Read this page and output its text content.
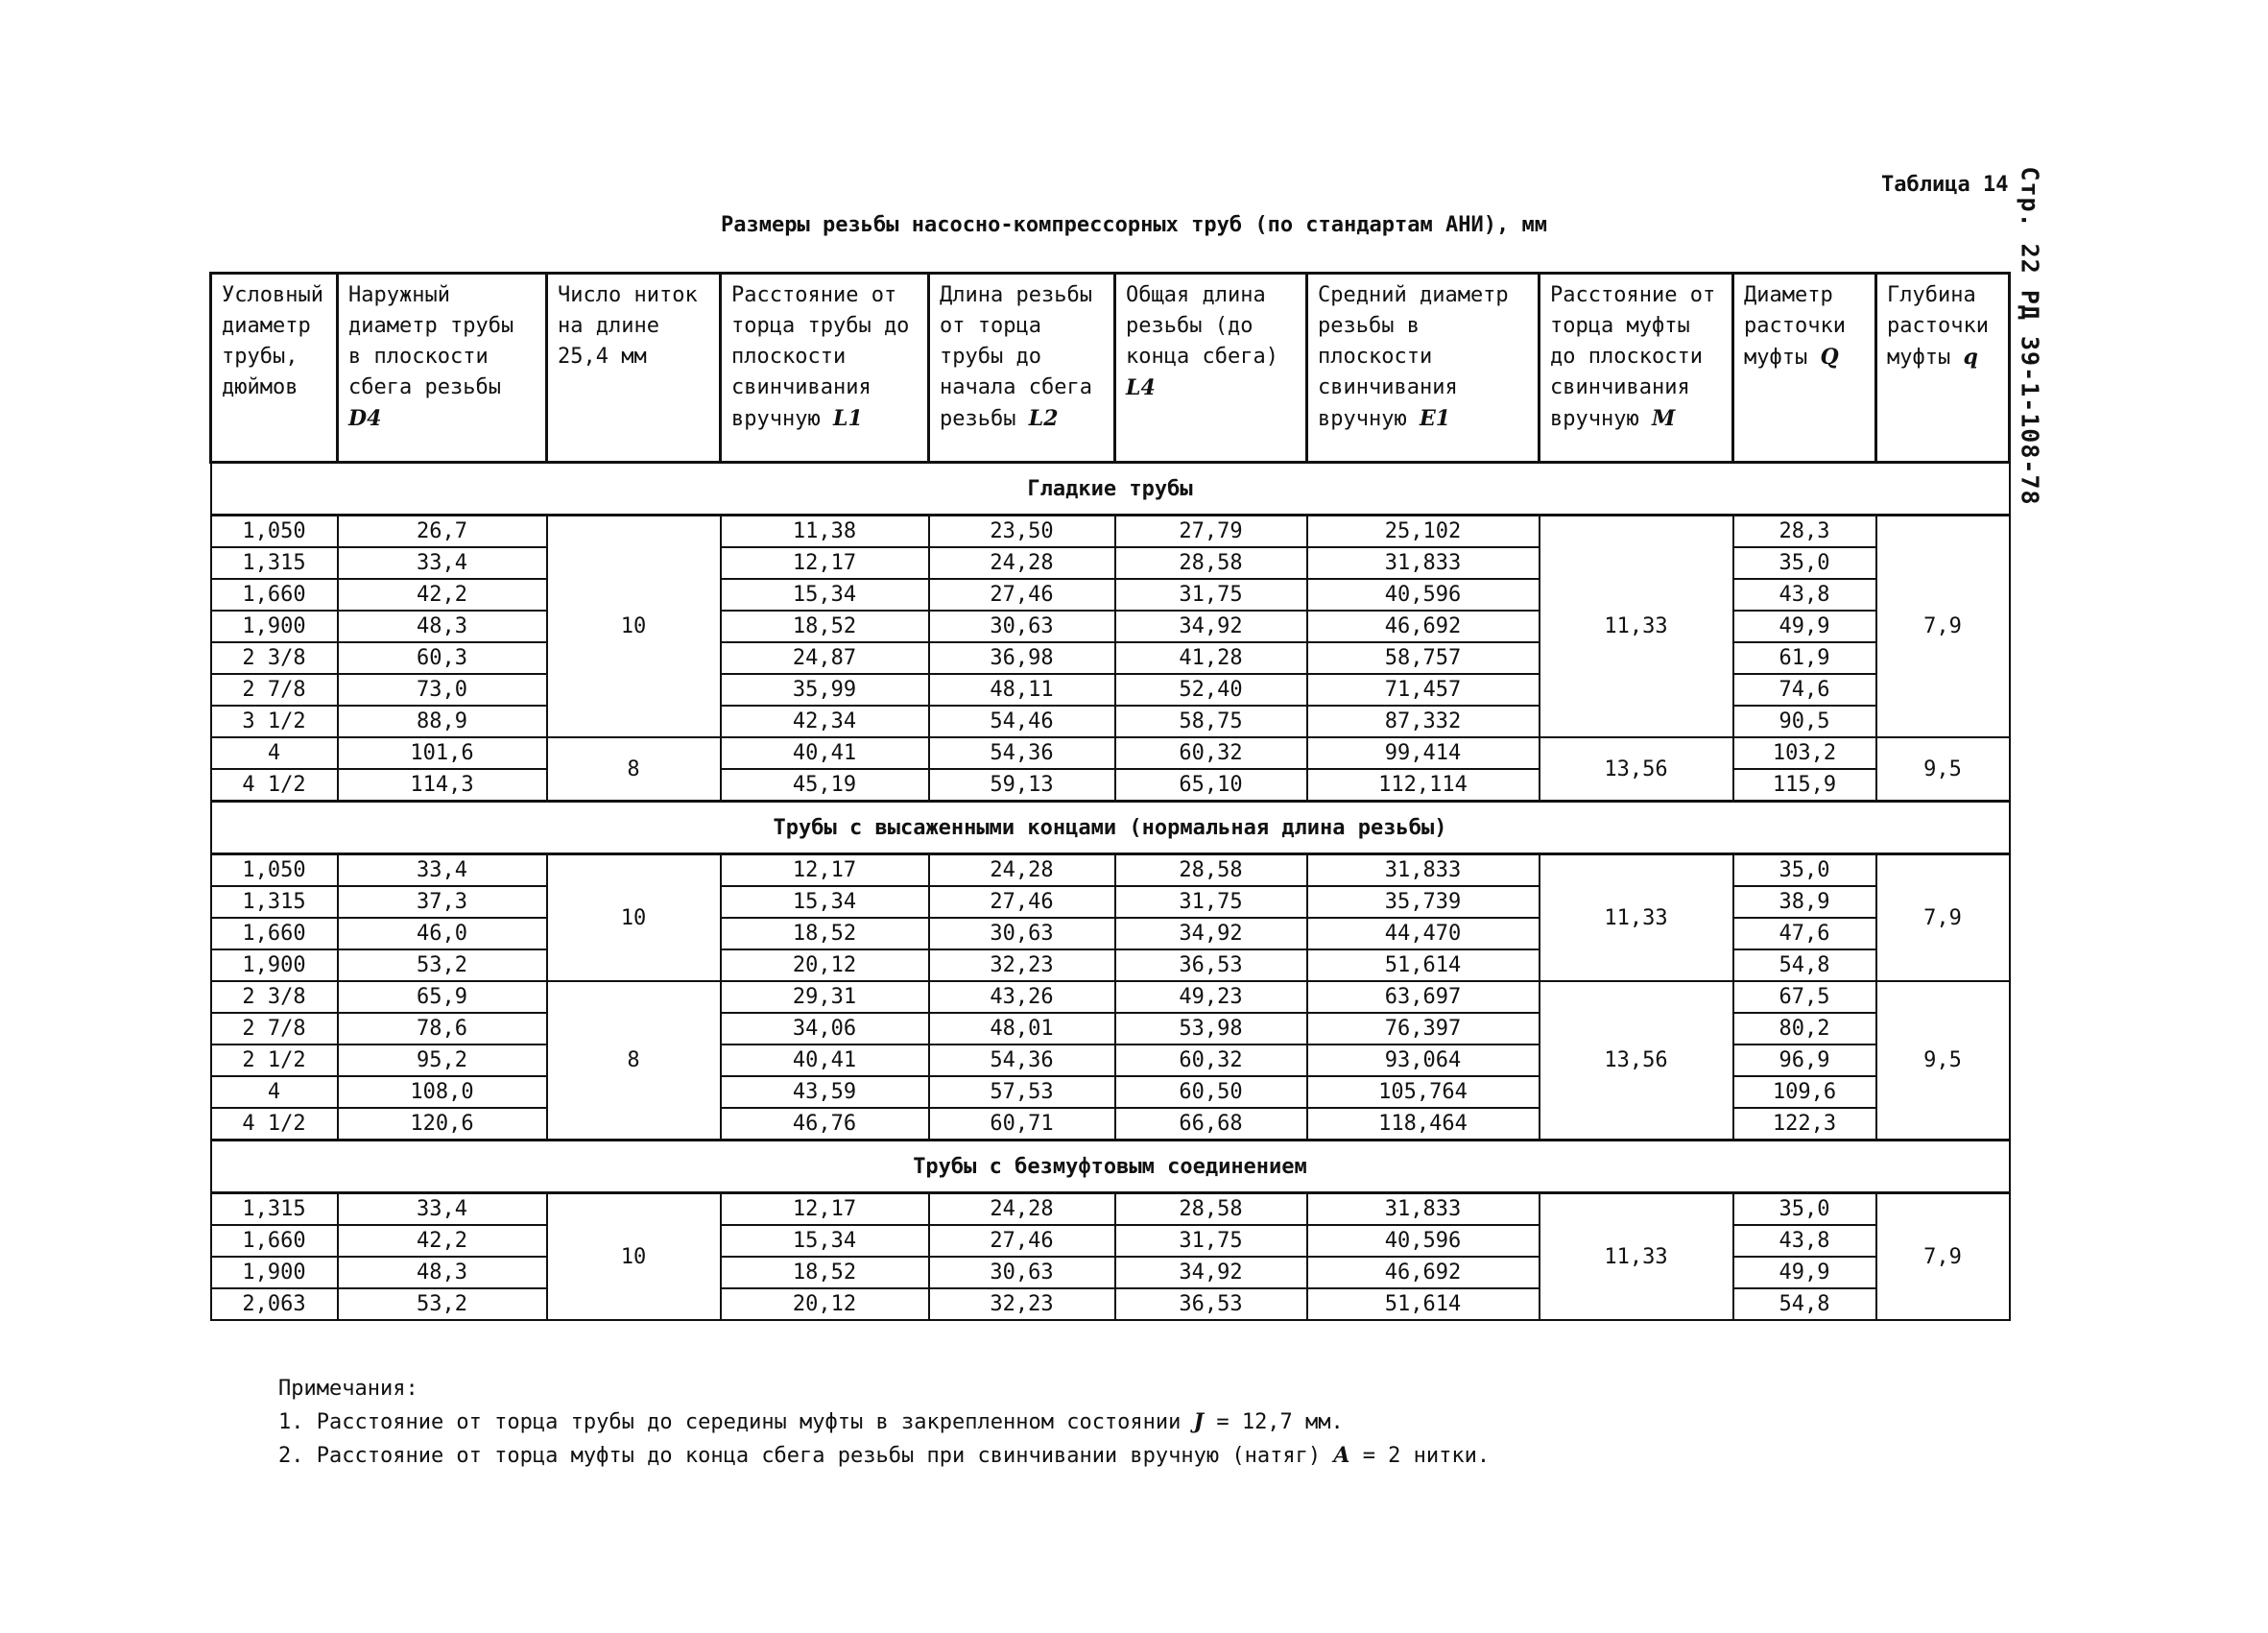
Стр. 22 РД 39-1-108-78
Таблица 14
Размеры резьбы насосно-компрессорных труб (по стандартам АНИ), мм
Условный диаметр трубы, дюймов	Наружный диаметр трубы в плоскости сбега резьбы D4	Число ниток на длине 25,4 мм	Расстояние от торца трубы до плоскости свинчивания вручную L1	Длина резьбы от торца трубы до начала сбега резьбы L2	Общая длина резьбы (до конца сбега) L4	Средний диаметр резьбы в плоскости свинчивания вручную E1	Расстояние от торца муфты до плоскости свинчивания вручную M	Диаметр расточки муфты Q	Глубина расточки муфты q
Гладкие трубы									
1,050	26,7	10	11,38	23,50	27,79	25,102	11,33	28,3	7,9
1,315	33,4		12,17	24,28	28,58	31,833		35,0	
1,660	42,2		15,34	27,46	31,75	40,596		43,8	
1,900	48,3		18,52	30,63	34,92	46,692		49,9	
2 3/8	60,3		24,87	36,98	41,28	58,757		61,9	
2 7/8	73,0		35,99	48,11	52,40	71,457		74,6	
3 1/2	88,9		42,34	54,46	58,75	87,332		90,5	
4	101,6	8	40,41	54,36	60,32	99,414	13,56	103,2	9,5
4 1/2	114,3		45,19	59,13	65,10	112,114		115,9	
Трубы с высаженными концами (нормальная длина резьбы)									
1,050	33,4	10	12,17	24,28	28,58	31,833	11,33	35,0	7,9
1,315	37,3		15,34	27,46	31,75	35,739		38,9	
1,660	46,0		18,52	30,63	34,92	44,470		47,6	
1,900	53,2		20,12	32,23	36,53	51,614		54,8	
2 3/8	65,9	8	29,31	43,26	49,23	63,697	13,56	67,5	9,5
2 7/8	78,6		34,06	48,01	53,98	76,397		80,2	
2 1/2	95,2		40,41	54,36	60,32	93,064		96,9	
4	108,0		43,59	57,53	60,50	105,764		109,6	
4 1/2	120,6		46,76	60,71	66,68	118,464		122,3	
Трубы с безмуфтовым соединением									
1,315	33,4	10	12,17	24,28	28,58	31,833	11,33	35,0	7,9
1,660	42,2		15,34	27,46	31,75	40,596		43,8	
1,900	48,3		18,52	30,63	34,92	46,692		49,9	
2,063	53,2		20,12	32,23	36,53	51,614		54,8	
Примечания:
1. Расстояние от торца трубы до середины муфты в закрепленном состоянии J = 12,7 мм.
2. Расстояние от торца муфты до конца сбега резьбы при свинчивании вручную (натяг) A = 2 нитки.
